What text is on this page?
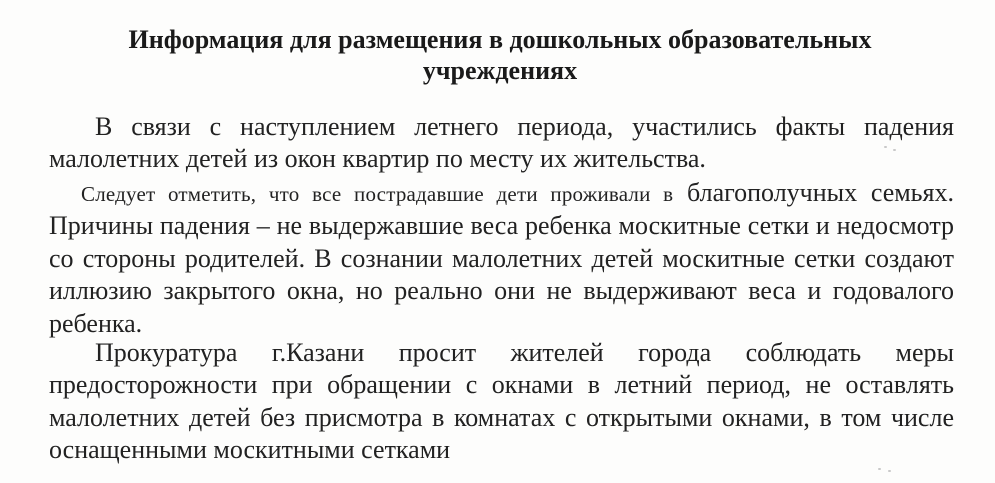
Информация для размещения в дошкольных образовательных
учреждениях
В связи с наступлением летнего периода, участились факты падения малолетних детей из окон квартир по месту их жительства.
Следует отметить, что все пострадавшие дети проживали в благополучных семьях. Причины падения – не выдержавшие веса ребенка москитные сетки и недосмотр со стороны родителей. В сознании малолетних детей москитные сетки создают иллюзию закрытого окна, но реально они не выдерживают веса и годовалого ребенка.
Прокуратура г.Казани просит жителей города соблюдать меры предосторожности при обращении с окнами в летний период, не оставлять малолетних детей без присмотра в комнатах с открытыми окнами, в том числе оснащенными москитными сетками
